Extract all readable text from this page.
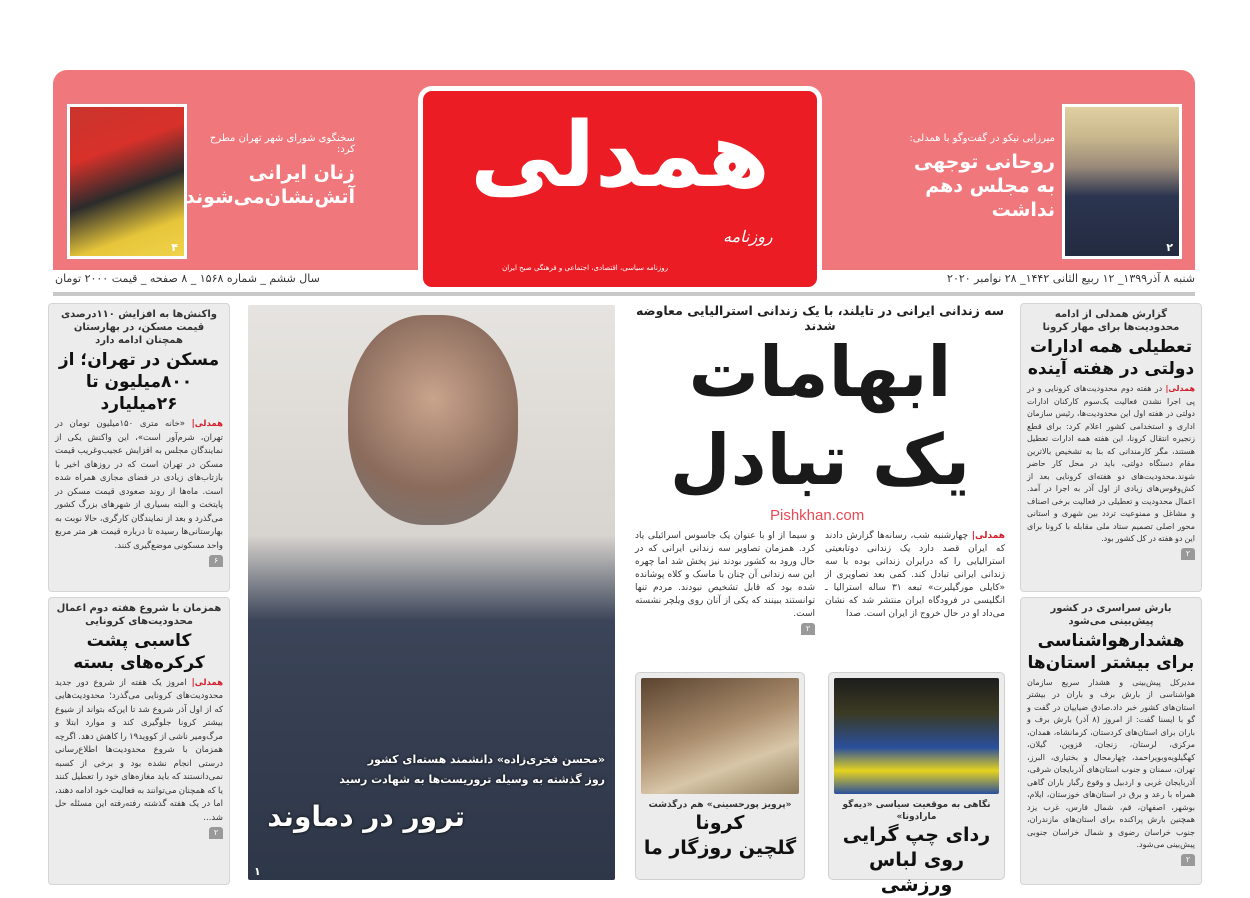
۴
سخنگوی شورای شهر تهران مطرح کرد:
زنان ایرانی
آتش‌نشان‌می‌شوند	همدلی
روزنامه
روزنامه سیاسی، اقتصادی، اجتماعی و فرهنگی صبح ایران
میرزایی نیکو در گفت‌وگو با همدلی:
روحانی توجهی
به مجلس دهم نداشت
۲
سال ششم _ شماره ۱۵۶۸ _ ۸ صفحه _ قیمت ۲۰۰۰ تومان	شنبه ۸ آذر۱۳۹۹_ ۱۲ ربیع الثانی ۱۴۴۲_ ۲۸ نوامبر ۲۰۲۰
واکنش‌ها به افزایش ۱۱۰درصدی قیمت مسکن، در بهارستان همچنان ادامه دارد
مسکن در تهران؛ از ۸۰۰میلیون تا ۲۶میلیارد
همدلی| «خانه متری ۱۵۰میلیون تومان در تهران، شرم‌آور است»، این واکنش یکی از نمایندگان مجلس به افزایش عجیب‌وغریب قیمت مسکن در تهران است که در روزهای اخیر با بازتاب‌های زیادی در فضای مجازی همراه شده است. ماه‌ها از روند صعودی قیمت مسکن در پایتخت و البته بسیاری از شهرهای بزرگ کشور می‌گذرد و بعد از نمایندگان کارگری، حالا نوبت به بهارستانی‌ها رسیده تا درباره قیمت هر متر مربع واحد مسکونی موضع‌گیری کنند.
۶
همزمان با شروع هفته دوم اعمال محدودیت‌های کرونایی
کاسبی پشت کرکره‌های بسته
همدلی| امروز یک هفته از شروع دور جدید محدودیت‌های کرونایی می‌گذرد؛ محدودیت‌هایی که از اول آذر شروع شد تا این‌که بتواند از شیوع بیشتر کرونا جلوگیری کند و موارد ابتلا و مرگ‌ومیر ناشی از کووید۱۹ را کاهش دهد. اگرچه همزمان با شروع محدودیت‌ها اطلاع‌رسانی درستی انجام نشده بود و برخی از کسبه نمی‌دانستند که باید مغازه‌های خود را تعطیل کنند یا که همچنان می‌توانند به فعالیت خود ادامه دهند، اما در یک هفته گذشته رفته‌رفته این مسئله حل شد...
۲
«محسن فخری‌زاده» دانشمند هسته‌ای کشور
روز گذشته به وسیله تروریست‌ها به شهادت رسید
ترور در دماوند
۱
سه زندانی ایرانی در تایلند، با یک زندانی استرالیایی معاوضه شدند
ابهامات
یک تبادل
Pishkhan.com
همدلی| چهارشنبه شب، رسانه‌ها گزارش دادند که ایران قصد دارد یک زندانی دوتابعیتی استرالیایی را که درایران زندانی بوده با سه زندانی ایرانی تبادل کند. کمی بعد تصاویری از «کایلی مورگیلبرت» تبعه ۳۱ ساله استرالیا ـ انگلیسی در فرودگاه ایران منتشر شد که نشان می‌داد او در حال خروج از ایران است. صدا
و سیما از او با عنوان یک جاسوس اسرائیلی یاد کرد. همزمان تصاویر سه زندانی ایرانی که در حال ورود به کشور بودند نیز پخش شد اما چهره این سه زندانی آن چنان با ماسک و کلاه پوشانده شده بود که قابل تشخیص نبودند. مردم تنها توانستند ببینند که یکی از آنان روی ویلچر نشسته است.
۲
«پرویز پورحسینی» هم درگذشت
کرونا
گلچین روزگار ما
نگاهی به موقعیت سیاسی «دیه‌گو مارادونا»
ردای چپ گرایی
روی لباس ورزشی
گزارش همدلی از ادامه محدودیت‌ها برای مهار کرونا
تعطیلی همه ادارات دولتی در هفته آینده
همدلی| در هفته دوم محدودیت‌های کرونایی و در پی اجرا نشدن فعالیت یک‌سوم کارکنان ادارات دولتی در هفته اول این محدودیت‌ها، رئیس سازمان اداری و استخدامی کشور اعلام کرد: برای قطع زنجیره انتقال کرونا، این هفته همه ادارات تعطیل هستند، مگر کارمندانی که بنا به تشخیص بالاترین مقام دستگاه دولتی، باید در محل کار حاضر شوند.محدودیت‌های دو هفته‌ای کرونایی بعد از کش‌وقوس‌های زیادی از اول آذر به اجرا در آمد. اعمال محدودیت و تعطیلی در فعالیت برخی اصناف و مشاغل و ممنوعیت تردد بین شهری و استانی محور اصلی تصمیم ستاد ملی مقابله با کرونا برای این دو هفته در کل کشور بود.
۲
بارش سراسری در کشور پیش‌بینی می‌شود
هشدارهواشناسی برای بیشتر استان‌ها
مدیرکل پیش‌بینی و هشدار سریع سازمان هواشناسی از بارش برف و باران در بیشتر استان‌های کشور خبر داد.صادق ضیاییان در گفت و گو با ایسنا گفت: از امروز (۸ آذر) بارش برف و باران برای استان‌های کردستان، کرمانشاه، همدان، مرکزی، لرستان، زنجان، قزوین، گیلان، کهگیلویه‌وبویراحمد، چهارمحال و بختیاری، البرز، تهران، سمنان و جنوب استان‌های آذربایجان شرقی، آذربایجان غربی و اردبیل و وقوع رگبار باران گاهی همراه با رعد و برق در استان‌های خوزستان، ایلام، بوشهر، اصفهان، قم، شمال فارس، غرب یزد همچنین بارش پراکنده برای استان‌های مازندران، جنوب خراسان رضوی و شمال خراسان جنوبی پیش‌بینی می‌شود.
۲
